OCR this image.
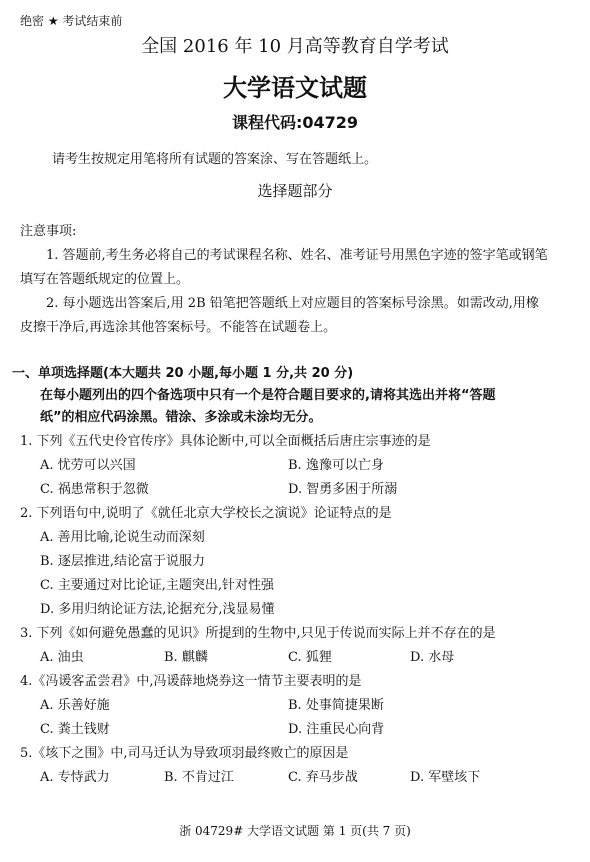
绝密 ★ 考试结束前
全国 2016 年 10 月高等教育自学考试
大学语文试题
课程代码:04729
请考生按规定用笔将所有试题的答案涂、写在答题纸上。
选择题部分
注意事项:
1. 答题前,考生务必将自己的考试课程名称、姓名、准考证号用黑色字迹的签字笔或钢笔
填写在答题纸规定的位置上。
2. 每小题选出答案后,用 2B 铅笔把答题纸上对应题目的答案标号涂黑。如需改动,用橡
皮擦干净后,再选涂其他答案标号。不能答在试题卷上。
一、单项选择题(本大题共 20 小题,每小题 1 分,共 20 分)
在每小题列出的四个备选项中只有一个是符合题目要求的,请将其选出并将“答题
纸”的相应代码涂黑。错涂、多涂或未涂均无分。
1. 下列《五代史伶官传序》具体论断中,可以全面概括后唐庄宗事迹的是
A. 忧劳可以兴国	B. 逸豫可以亡身
C. 祸患常积于忽微	D. 智勇多困于所溺
2. 下列语句中,说明了《就任北京大学校长之演说》论证特点的是
A. 善用比喻,论说生动而深刻
B. 逐层推进,结论富于说服力
C. 主要通过对比论证,主题突出,针对性强
D. 多用归纳论证方法,论据充分,浅显易懂
3. 下列《如何避免愚蠢的见识》所提到的生物中,只见于传说而实际上并不存在的是
A. 油虫	B. 麒麟	C. 狐狸	D. 水母
4.《冯谖客孟尝君》中,冯谖薛地烧券这一情节主要表明的是
A. 乐善好施	B. 处事简捷果断
C. 粪土钱财	D. 注重民心向背
5.《垓下之围》中,司马迁认为导致项羽最终败亡的原因是
A. 专恃武力	B. 不肯过江	C. 弃马步战	D. 军壁垓下
浙 04729# 大学语文试题 第 1 页(共 7 页)
